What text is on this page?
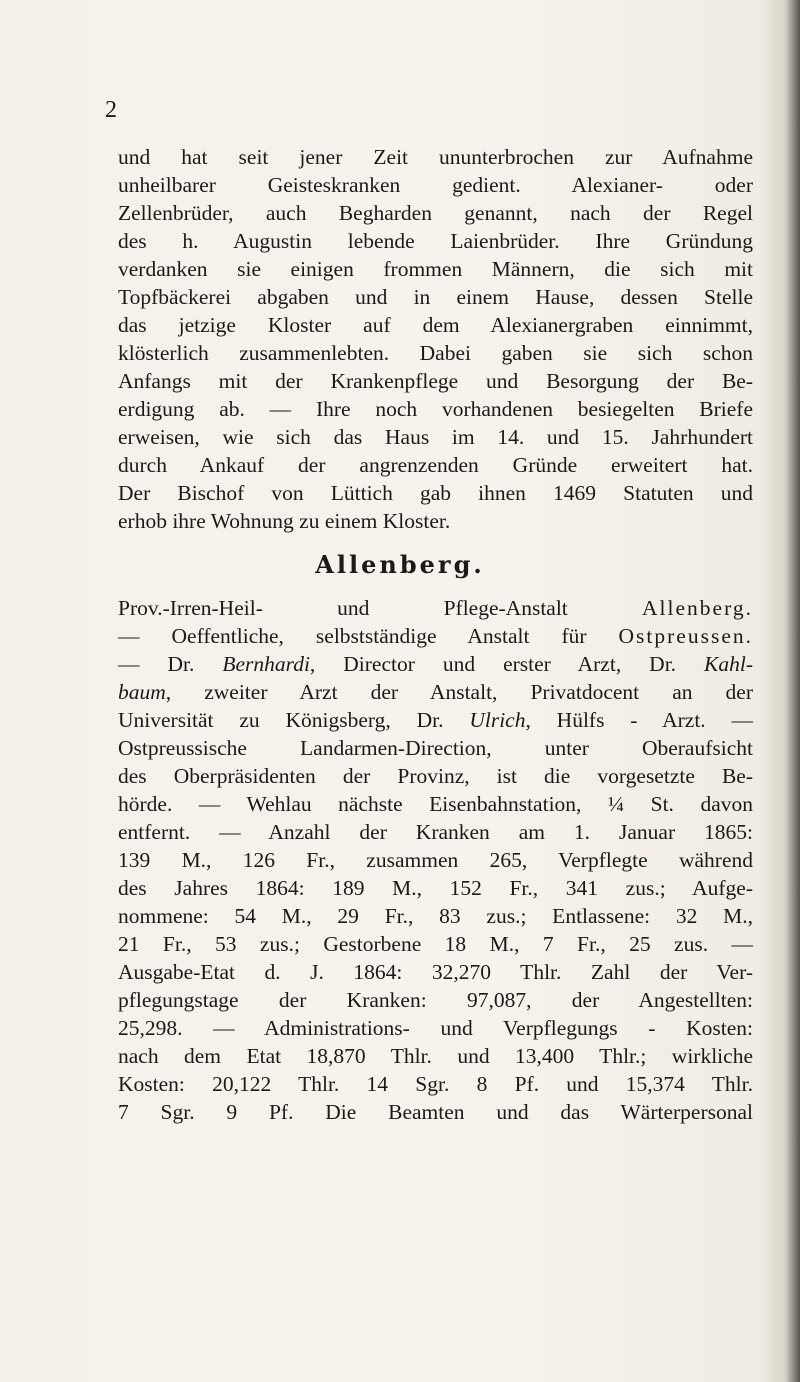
2
und hat seit jener Zeit ununterbrochen zur Aufnahme
unheilbarer Geisteskranken gedient. Alexianer- oder
Zellenbrüder, auch Begharden genannt, nach der Regel
des h. Augustin lebende Laienbrüder. Ihre Gründung
verdanken sie einigen frommen Männern, die sich mit
Topfbäckerei abgaben und in einem Hause, dessen Stelle
das jetzige Kloster auf dem Alexianergraben einnimmt,
klösterlich zusammenlebten. Dabei gaben sie sich schon
Anfangs mit der Krankenpflege und Besorgung der Be-
erdigung ab. — Ihre noch vorhandenen besiegelten Briefe
erweisen, wie sich das Haus im 14. und 15. Jahrhundert
durch Ankauf der angrenzenden Gründe erweitert hat.
Der Bischof von Lüttich gab ihnen 1469 Statuten und
erhob ihre Wohnung zu einem Kloster.
Allenberg.
Prov.-Irren-Heil- und Pflege-Anstalt Allenberg.
— Oeffentliche, selbstständige Anstalt für Ostpreussen.
— Dr. Bernhardi, Director und erster Arzt, Dr. Kahl-
baum, zweiter Arzt der Anstalt, Privatdocent an der
Universität zu Königsberg, Dr. Ulrich, Hülfs - Arzt. —
Ostpreussische Landarmen-Direction, unter Oberaufsicht
des Oberpräsidenten der Provinz, ist die vorgesetzte Be-
hörde. — Wehlau nächste Eisenbahnstation, ¼ St. davon
entfernt. — Anzahl der Kranken am 1. Januar 1865:
139 M., 126 Fr., zusammen 265, Verpflegte während
des Jahres 1864: 189 M., 152 Fr., 341 zus.; Aufge-
nommene: 54 M., 29 Fr., 83 zus.; Entlassene: 32 M.,
21 Fr., 53 zus.; Gestorbene 18 M., 7 Fr., 25 zus. —
Ausgabe-Etat d. J. 1864: 32,270 Thlr. Zahl der Ver-
pflegungstage der Kranken: 97,087, der Angestellten:
25,298. — Administrations- und Verpflegungs - Kosten:
nach dem Etat 18,870 Thlr. und 13,400 Thlr.; wirkliche
Kosten: 20,122 Thlr. 14 Sgr. 8 Pf. und 15,374 Thlr.
7 Sgr. 9 Pf. Die Beamten und das Wärterpersonal
